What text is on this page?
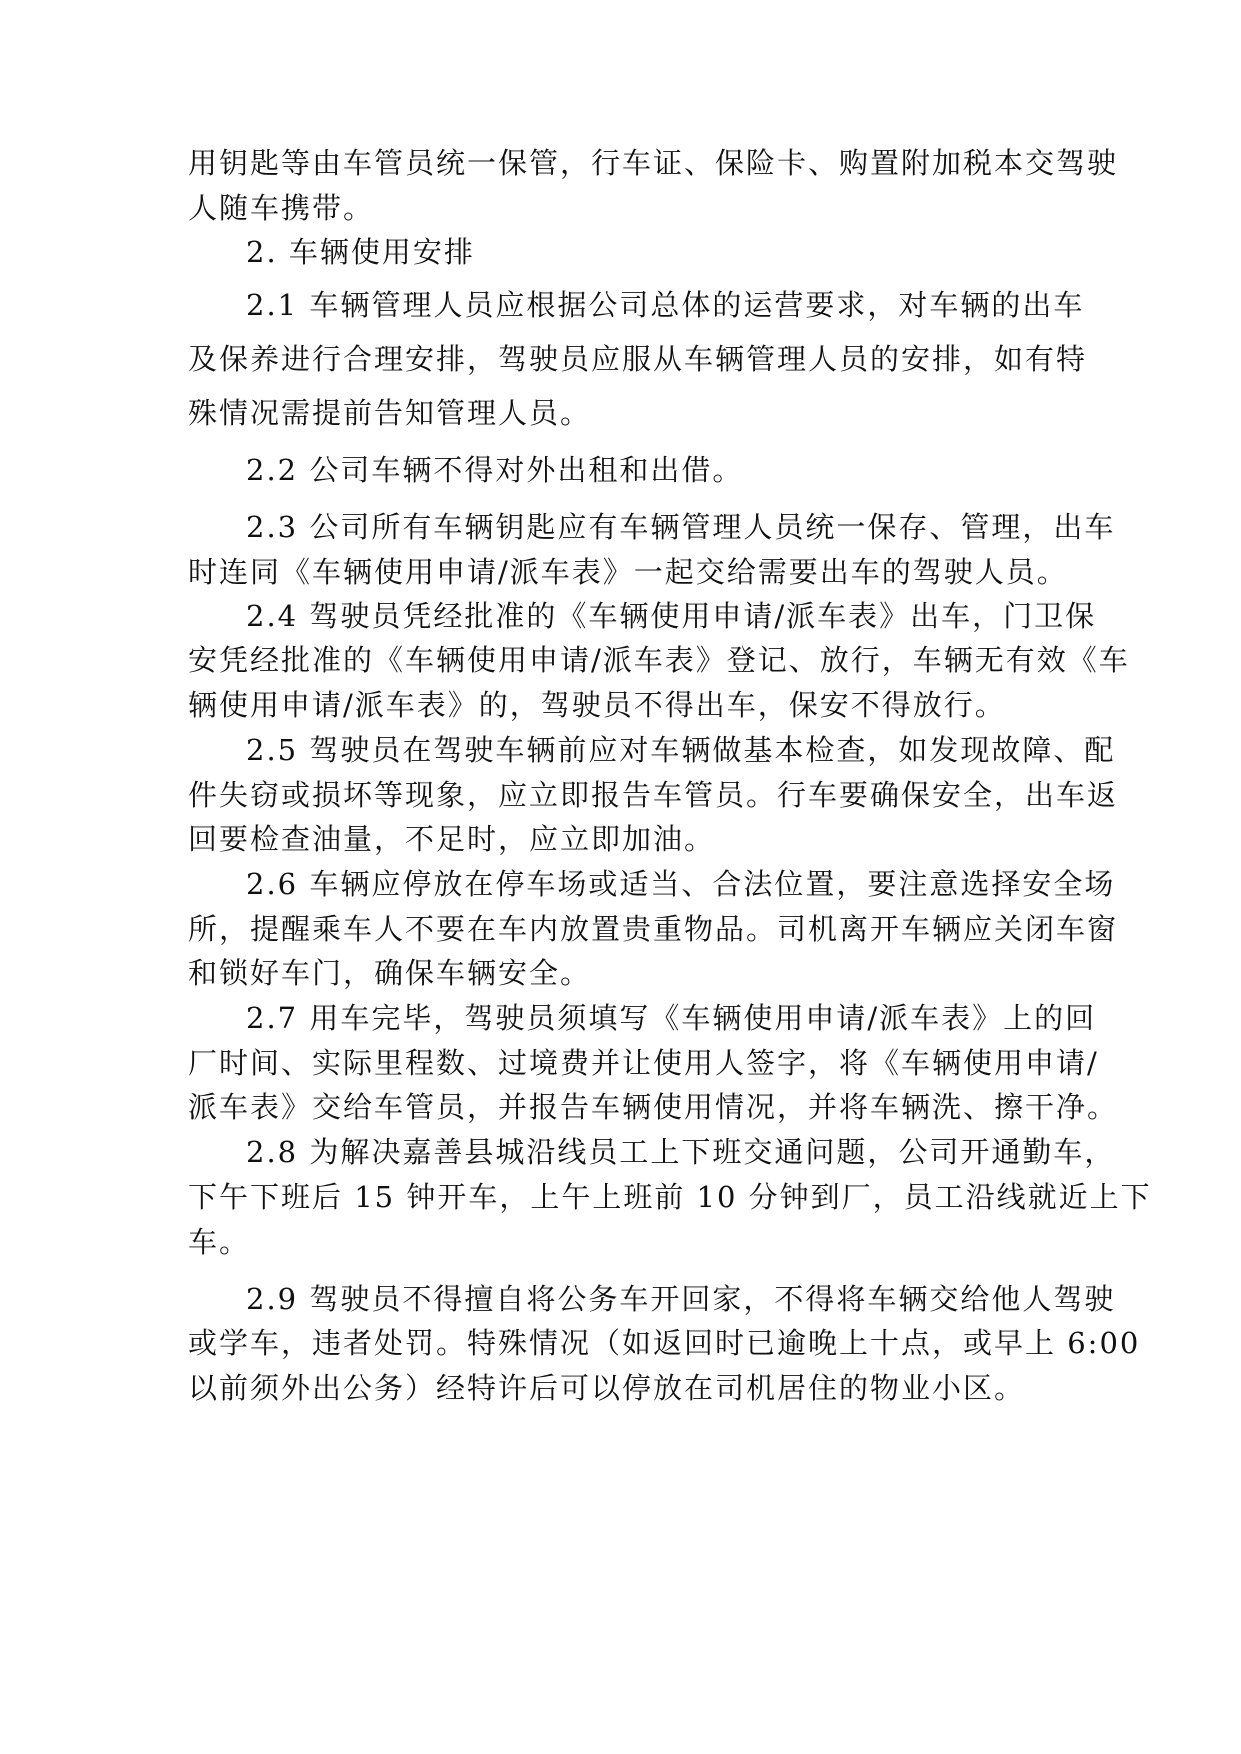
用钥匙等由车管员统一保管，行车证、保险卡、购置附加税本交驾驶
人随车携带。
2. 车辆使用安排
2.1 车辆管理人员应根据公司总体的运营要求，对车辆的出车
及保养进行合理安排，驾驶员应服从车辆管理人员的安排，如有特
殊情况需提前告知管理人员。
2.2 公司车辆不得对外出租和出借。
2.3 公司所有车辆钥匙应有车辆管理人员统一保存、管理，出车
时连同《车辆使用申请/派车表》一起交给需要出车的驾驶人员。
2.4 驾驶员凭经批准的《车辆使用申请/派车表》出车，门卫保
安凭经批准的《车辆使用申请/派车表》登记、放行，车辆无有效《车
辆使用申请/派车表》的，驾驶员不得出车，保安不得放行。
2.5 驾驶员在驾驶车辆前应对车辆做基本检查，如发现故障、配
件失窃或损坏等现象，应立即报告车管员。行车要确保安全，出车返
回要检查油量，不足时，应立即加油。
2.6 车辆应停放在停车场或适当、合法位置，要注意选择安全场
所，提醒乘车人不要在车内放置贵重物品。司机离开车辆应关闭车窗
和锁好车门，确保车辆安全。
2.7 用车完毕，驾驶员须填写《车辆使用申请/派车表》上的回
厂时间、实际里程数、过境费并让使用人签字，将《车辆使用申请/
派车表》交给车管员，并报告车辆使用情况，并将车辆洗、擦干净。
2.8 为解决嘉善县城沿线员工上下班交通问题，公司开通勤车，
下午下班后 15 钟开车，上午上班前 10 分钟到厂，员工沿线就近上下
车。
2.9 驾驶员不得擅自将公务车开回家，不得将车辆交给他人驾驶
或学车，违者处罚。特殊情况（如返回时已逾晚上十点，或早上 6:00
以前须外出公务）经特许后可以停放在司机居住的物业小区。
